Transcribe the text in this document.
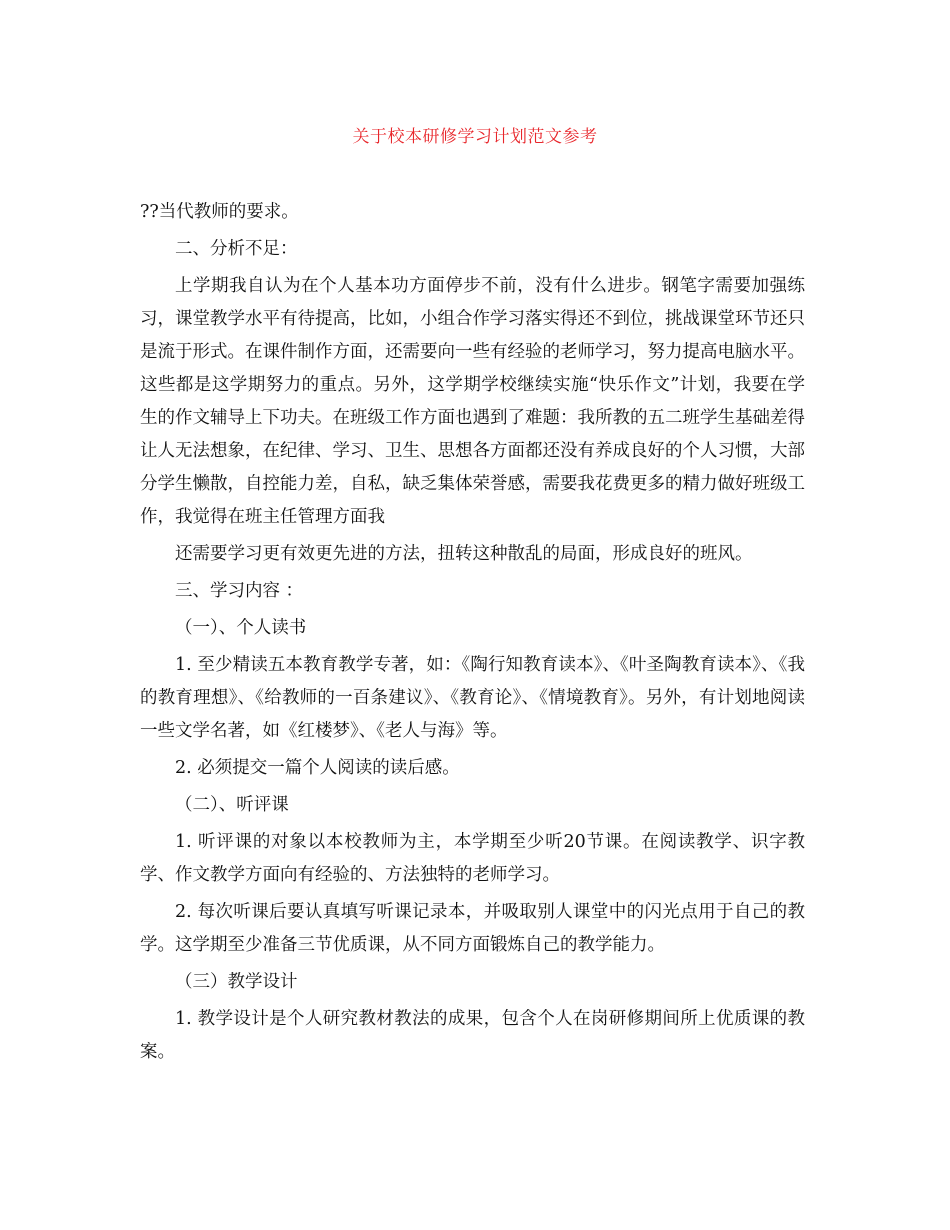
关于校本研修学习计划范文参考

??当代教师的要求。

二、分析不足：

上学期我自认为在个人基本功方面停步不前，没有什么进步。钢笔字需要加强练习，课堂教学水平有待提高，比如，小组合作学习落实得还不到位，挑战课堂环节还只是流于形式。在课件制作方面，还需要向一些有经验的老师学习，努力提高电脑水平。这些都是这学期努力的重点。另外，这学期学校继续实施“快乐作文”计划，我要在学生的作文辅导上下功夫。在班级工作方面也遇到了难题：我所教的五二班学生基础差得让人无法想象，在纪律、学习、卫生、思想各方面都还没有养成良好的个人习惯，大部分学生懒散，自控能力差，自私，缺乏集体荣誉感，需要我花费更多的精力做好班级工作，我觉得在班主任管理方面我

还需要学习更有效更先进的方法，扭转这种散乱的局面，形成良好的班风。

三、学习内容 ：

（一）、个人读书

1. 至少精读五本教育教学专著，如：《陶行知教育读本》、《叶圣陶教育读本》、《我的教育理想》、《给教师的一百条建议》、《教育论》、《情境教育》。另外，有计划地阅读一些文学名著，如《红楼梦》、《老人与海》等。

2. 必须提交一篇个人阅读的读后感。

（二）、听评课

1. 听评课的对象以本校教师为主，本学期至少听20节课。在阅读教学、识字教学、作文教学方面向有经验的、方法独特的老师学习。

2. 每次听课后要认真填写听课记录本，并吸取别人课堂中的闪光点用于自己的教学。这学期至少准备三节优质课，从不同方面锻炼自己的教学能力。

（三）教学设计

1. 教学设计是个人研究教材教法的成果，包含个人在岗研修期间所上优质课的教案。
